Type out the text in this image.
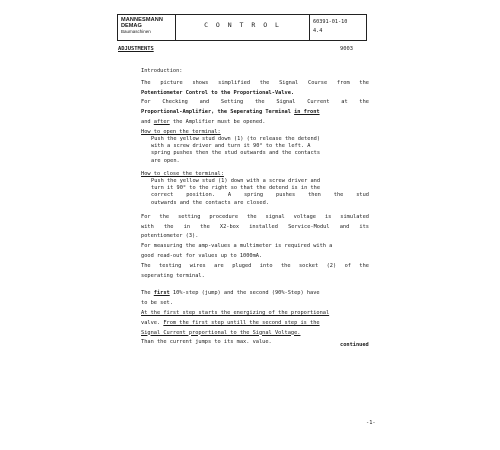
MANNESMANN
DEMAG
Baumaschinen
C O N T R O L	60391-01-10
4.4
ADJUSTMENTS	9003
Introduction:

The picture shows simplified the Signal Course from the

Potentiometer Control to the Proportional-Valve.

For Checking and Setting the Signal Current at the

Proportional-Amplifier, the Seperating Terminal in front

and after the Amplifier must be opened.

How to open the terminal:
Push the yellow stud down (1) (to release the detend)
with a screw driver and turn it 90° to the left. A
spring pushes then the stud outwards and the contacts
are open.
How to close the terminal:
Push the yellow stud (1) down with a screw driver and
turn it 90° to the right so that the detend is in the
correct position. A spring pushes then the stud
outwards and the contacts are closed.

For the setting procedure the signal voltage is simulated

with the in the X2-box installed Service-Modul and its

potentiometer (3).

For measuring the amp-values a multimeter is required with a

good read-out for values up to 1000mA.

The testing wires are pluged into the socket (2) of the

seperating terminal.

The first 10%-step (jump) and the second (90%-Step) have

to be set.

At the first step starts the energizing of the proportional

valve. From the first step untill the second step is the

Signal Current proportional to the Signal Voltage.

Than the current jumps to its max. value.	continued
-1-
